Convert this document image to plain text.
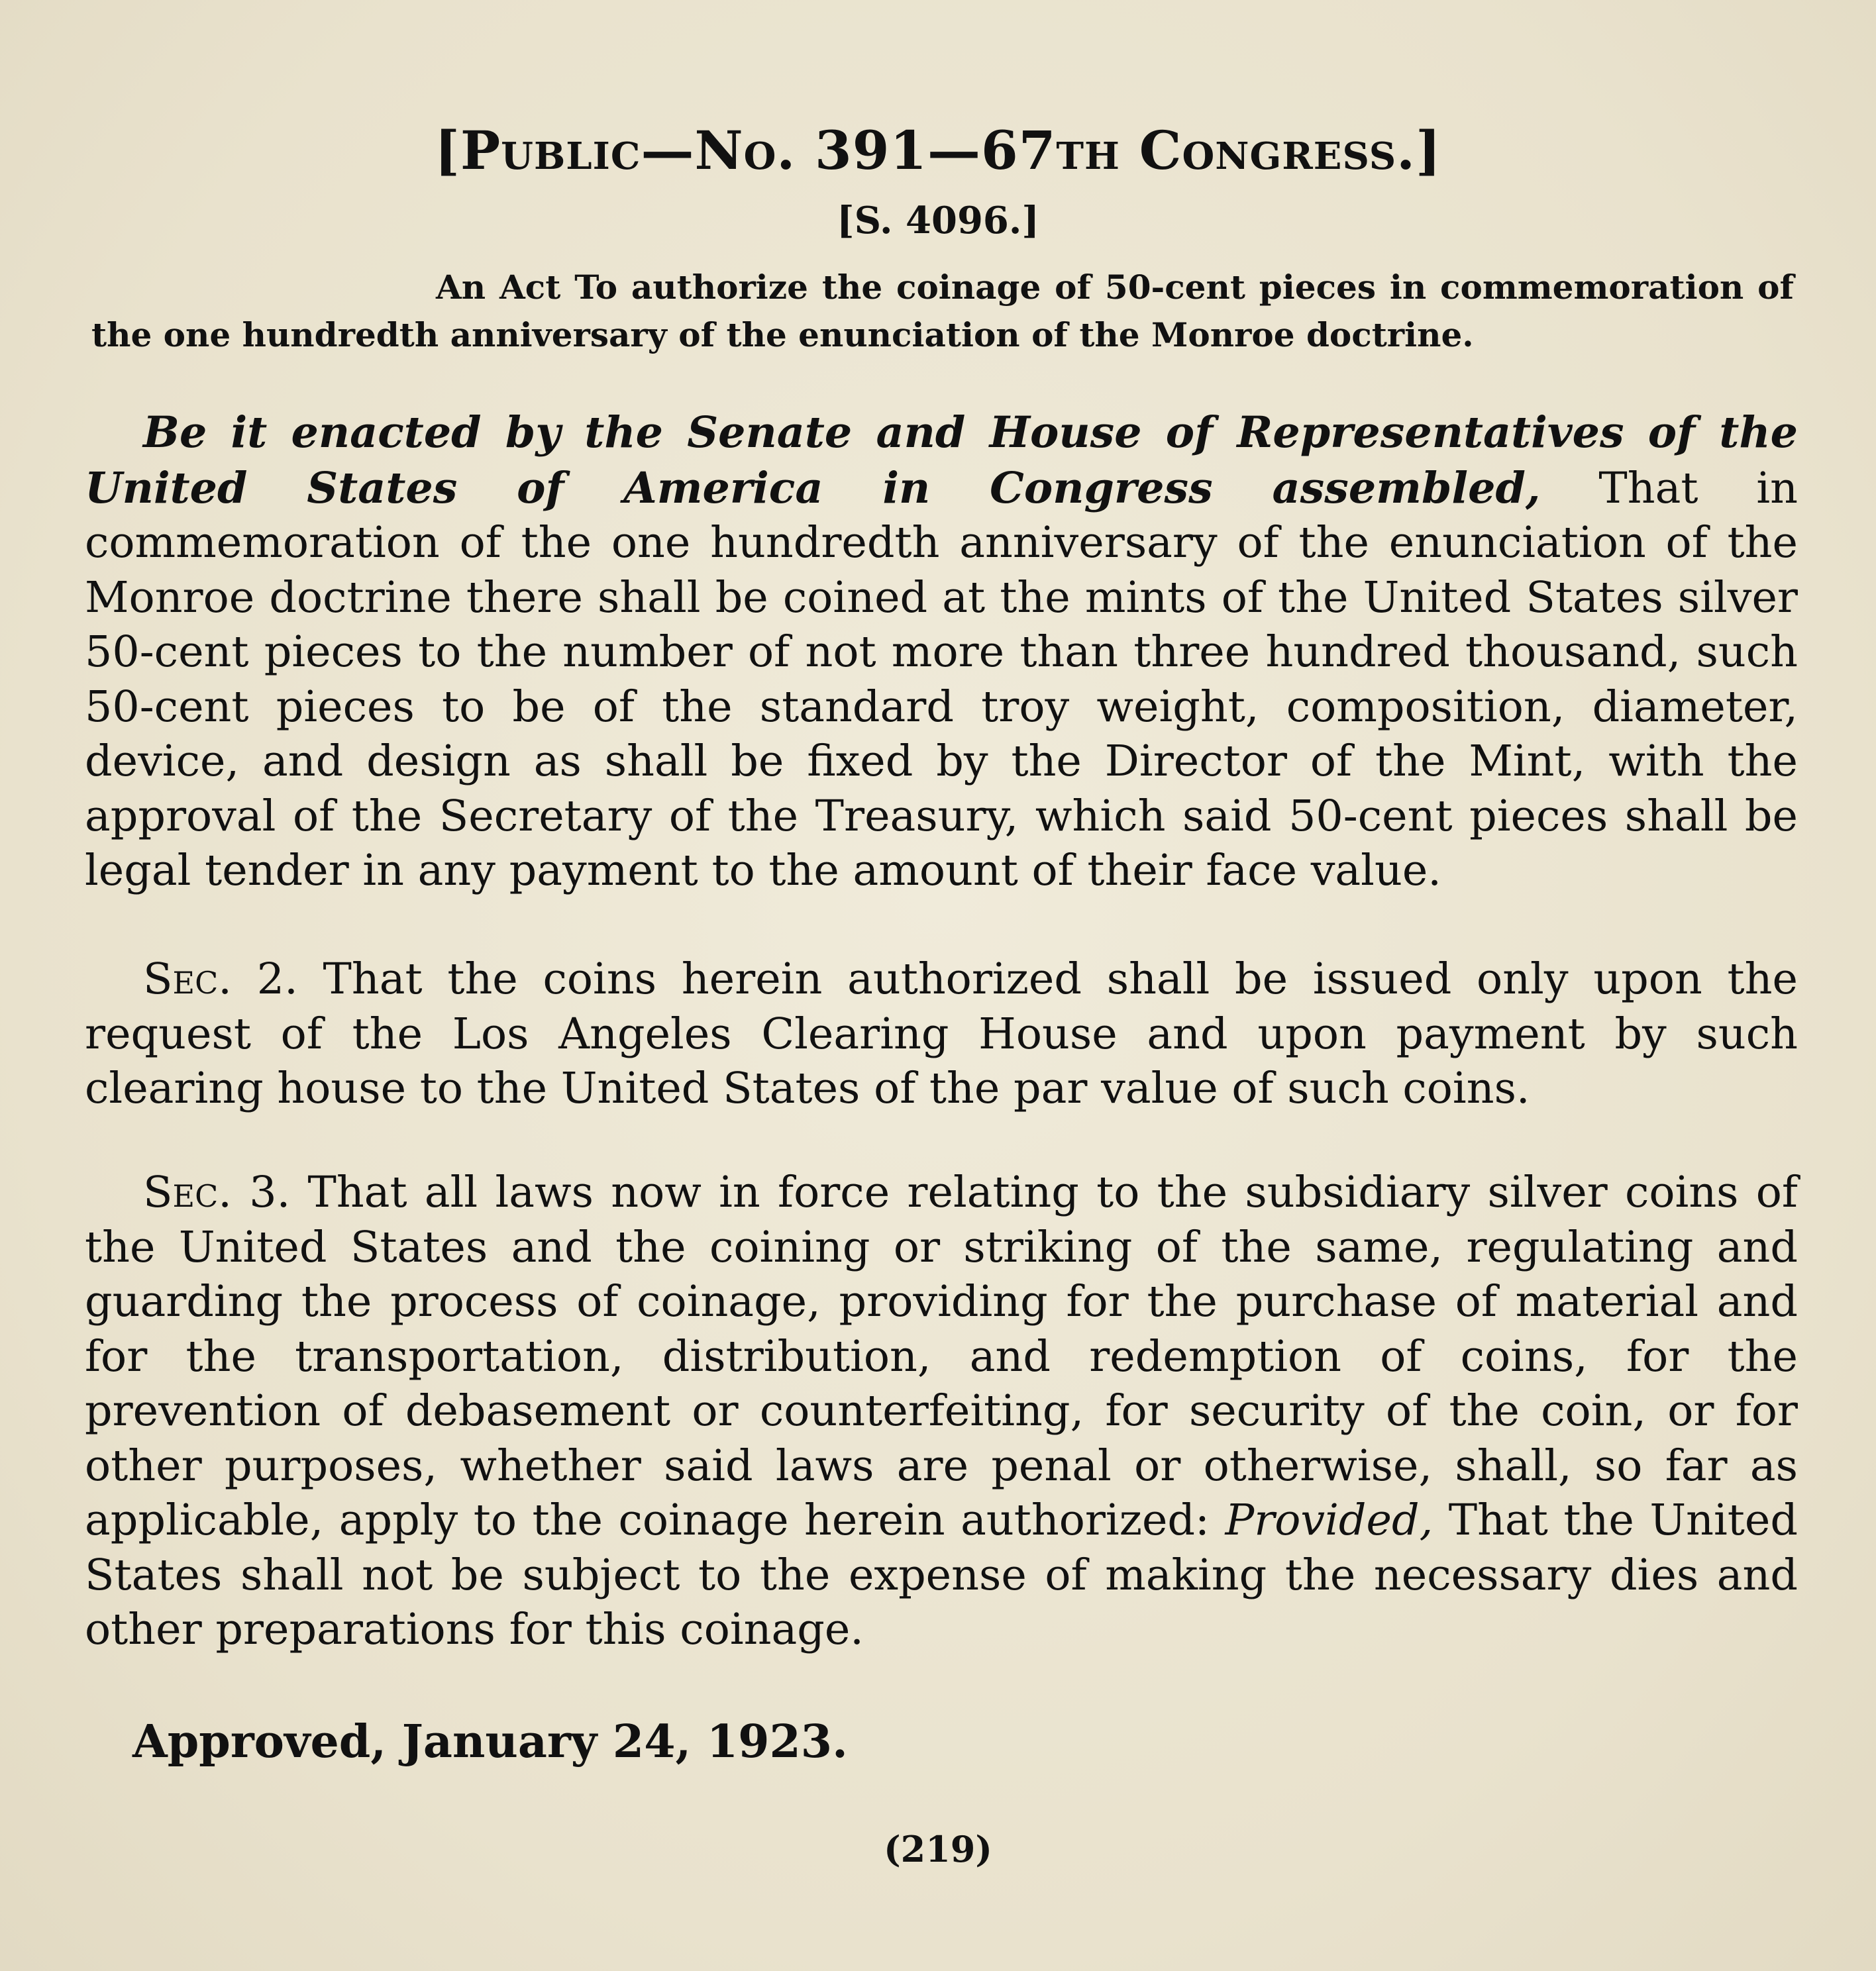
[Public—No. 391—67th Congress.]
[S. 4096.]
An Act To authorize the coinage of 50-cent pieces in commemoration of the one hundredth anniversary of the enunciation of the Monroe doctrine.
Be it enacted by the Senate and House of Representatives of the United States of America in Congress assembled, That in commemoration of the one hundredth anniversary of the enunciation of the Monroe doctrine there shall be coined at the mints of the United States silver 50-cent pieces to the number of not more than three hundred thousand, such 50-cent pieces to be of the standard troy weight, composition, diameter, device, and design as shall be fixed by the Director of the Mint, with the approval of the Secretary of the Treasury, which said 50-cent pieces shall be legal tender in any payment to the amount of their face value.
Sec. 2. That the coins herein authorized shall be issued only upon the request of the Los Angeles Clearing House and upon payment by such clearing house to the United States of the par value of such coins.
Sec. 3. That all laws now in force relating to the subsidiary silver coins of the United States and the coining or striking of the same, regulating and guarding the process of coinage, providing for the purchase of material and for the transportation, distribution, and redemption of coins, for the prevention of debasement or counterfeiting, for security of the coin, or for other purposes, whether said laws are penal or otherwise, shall, so far as applicable, apply to the coinage herein authorized: Provided, That the United States shall not be subject to the expense of making the necessary dies and other preparations for this coinage.
Approved, January 24, 1923.
(219)
